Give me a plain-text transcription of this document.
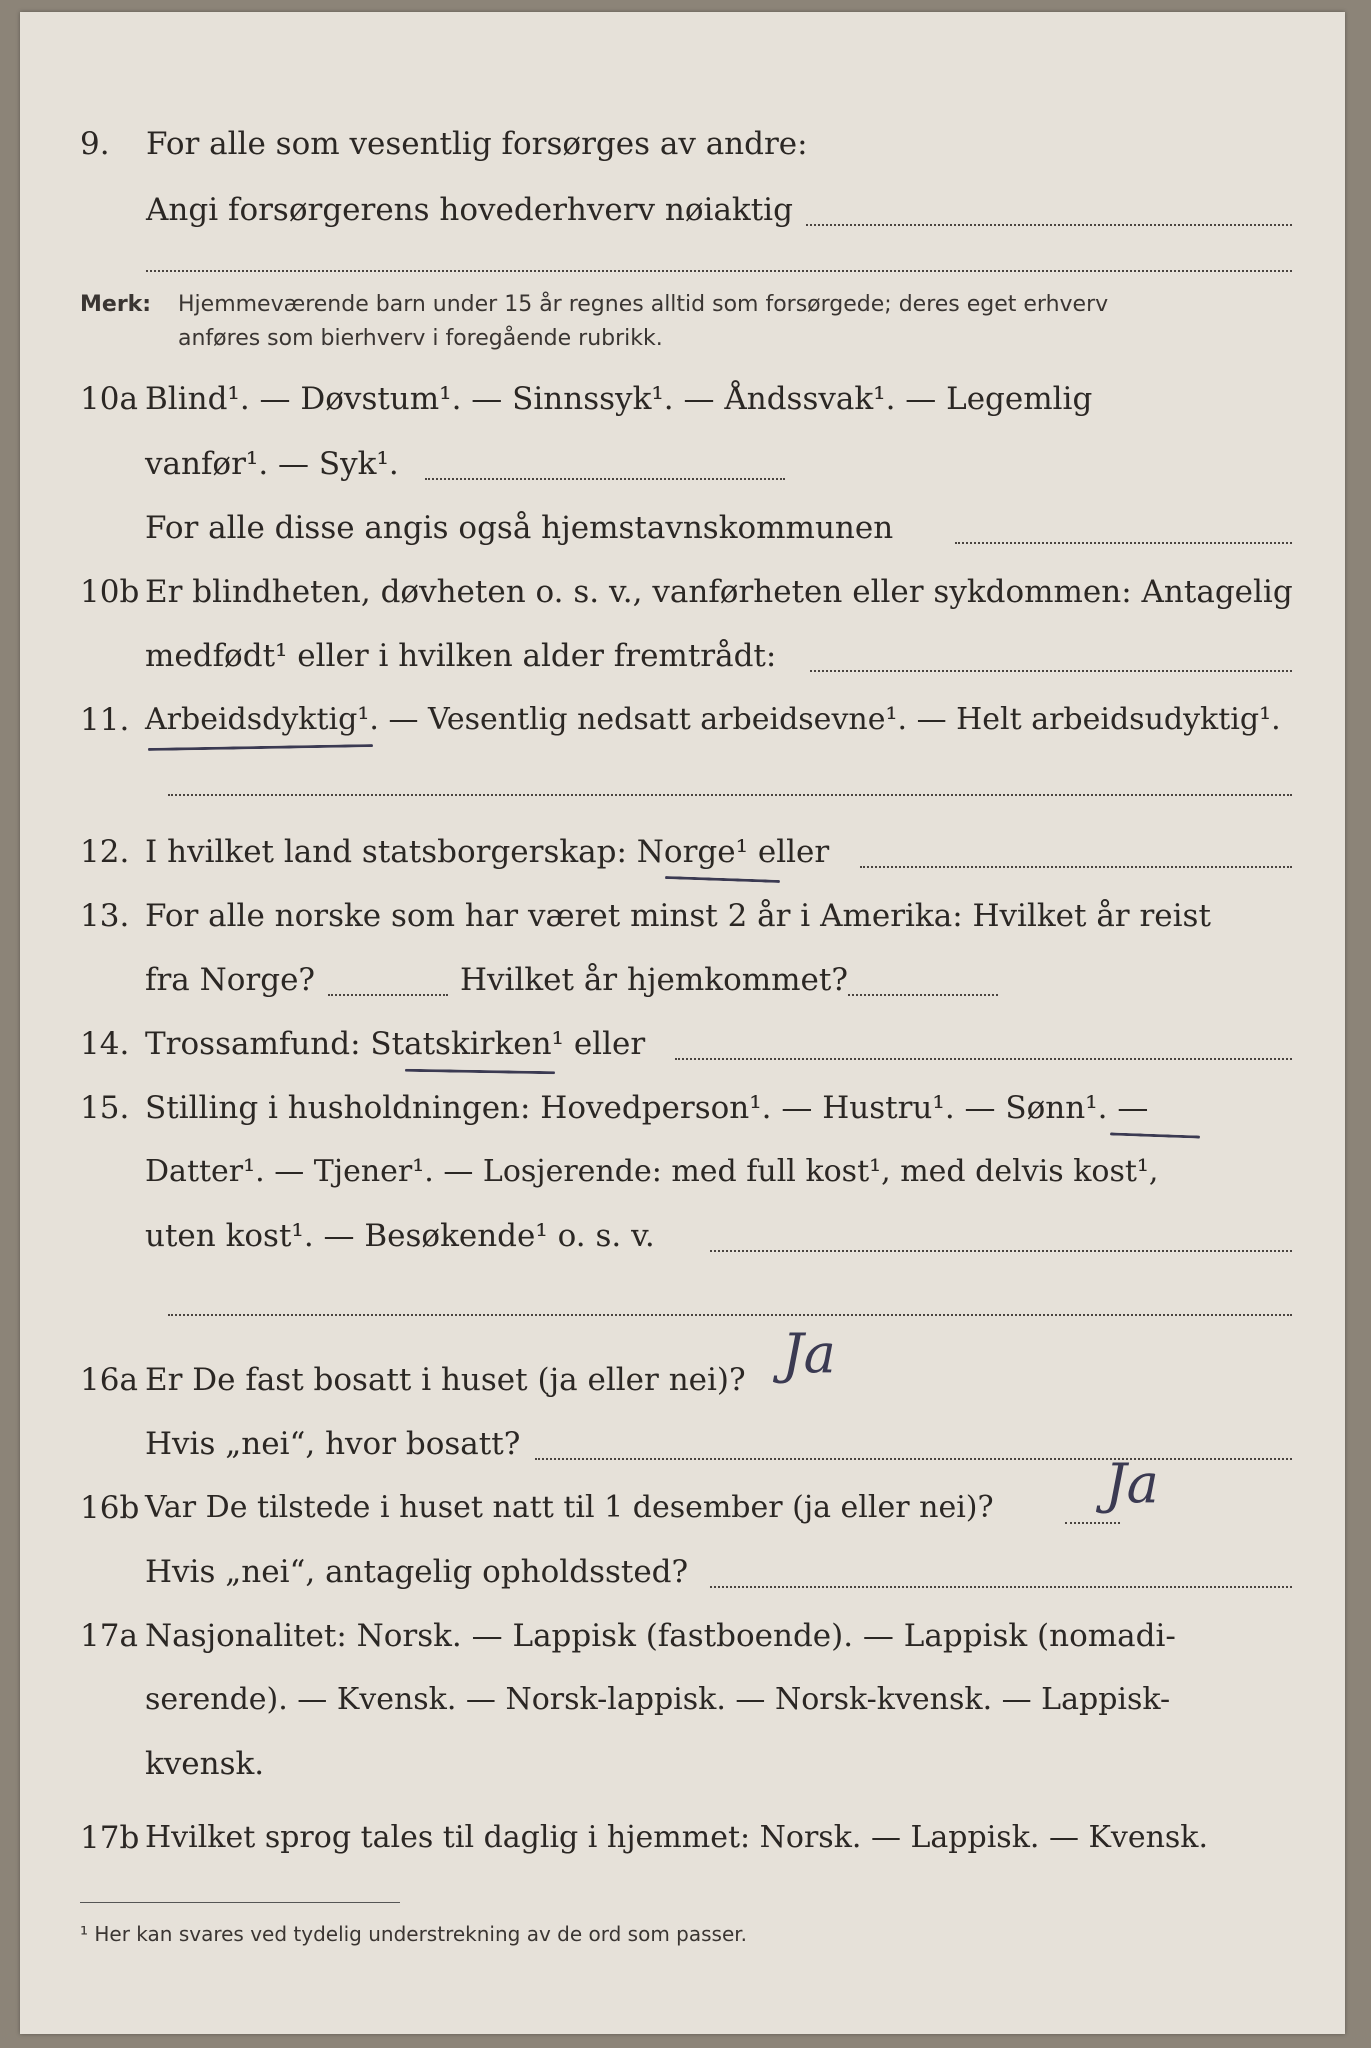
9.	For alle som vesentlig forsørges av andre:
Angi forsørgerens hovederhverv nøiaktig
Merk: Hjemmeværende barn under 15 år regnes alltid som forsørgede; deres eget erhverv
anføres som bierhverv i foregående rubrikk.
10a Blind¹. — Døvstum¹. — Sinnssyk¹. — Åndssvak¹. — Legemlig
vanfør¹. — Syk¹.
For alle disse angis også hjemstavnskommunen
10b Er blindheten, døvheten o. s. v., vanførheten eller sykdommen: Antagelig
medfødt¹ eller i hvilken alder fremtrådt:
11. Arbeidsdyktig¹. — Vesentlig nedsatt arbeidsevne¹. — Helt arbeidsudyktig¹.
12. I hvilket land statsborgerskap: Norge¹ eller
13. For alle norske som har været minst 2 år i Amerika: Hvilket år reist
fra Norge?	Hvilket år hjemkommet?
14. Trossamfund: Statskirken¹ eller
15. Stilling i husholdningen: Hovedperson¹. — Hustru¹. — Sønn¹. —
Datter¹. — Tjener¹. — Losjerende: med full kost¹, med delvis kost¹,
uten kost¹. — Besøkende¹ o. s. v.
16a Er De fast bosatt i huset (ja eller nei)? Ja
Hvis „nei“, hvor bosatt?
16b Var De tilstede i huset natt til 1 desember (ja eller nei)? Ja
Hvis „nei“, antagelig opholdssted?
17a Nasjonalitet: Norsk. — Lappisk (fastboende). — Lappisk (nomadi-
serende). — Kvensk. — Norsk-lappisk. — Norsk-kvensk. — Lappisk-
kvensk.
17b Hvilket sprog tales til daglig i hjemmet: Norsk. — Lappisk. — Kvensk.
¹ Her kan svares ved tydelig understrekning av de ord som passer.
